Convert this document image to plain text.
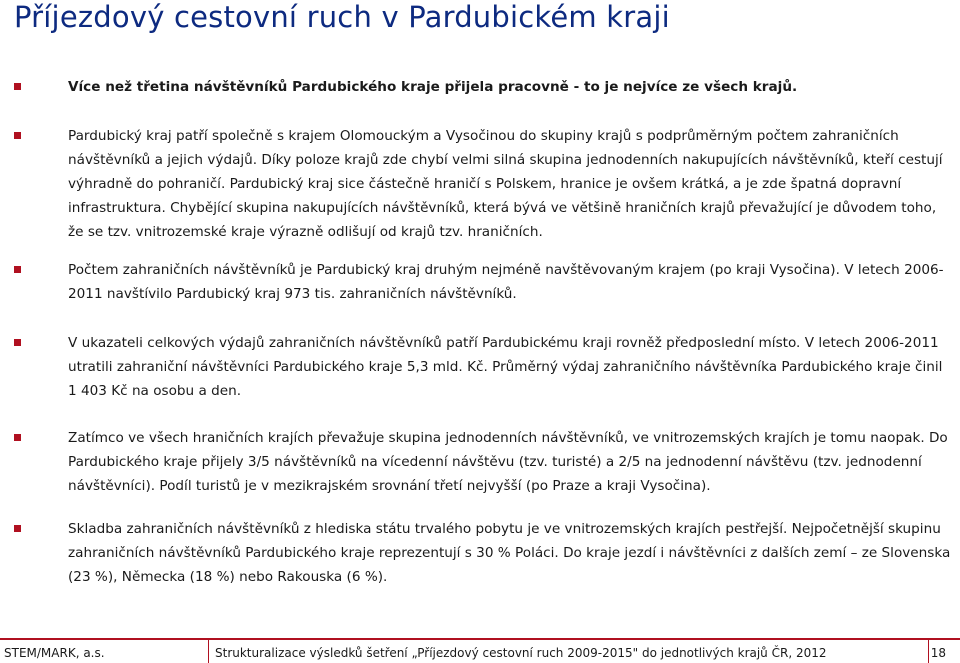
Příjezdový cestovní ruch v Pardubickém kraji
Více než třetina návštěvníků Pardubického kraje přijela pracovně - to je nejvíce ze všech krajů.
Pardubický kraj patří společně s krajem Olomouckým a Vysočinou do skupiny krajů s podprůměrným počtem zahraničních návštěvníků a jejich výdajů. Díky poloze krajů zde chybí velmi silná skupina jednodenních nakupujících návštěvníků, kteří cestují výhradně do pohraničí. Pardubický kraj sice částečně hraničí s Polskem, hranice je ovšem krátká, a je zde špatná dopravní infrastruktura. Chybějící skupina nakupujících návštěvníků, která bývá ve většině hraničních krajů převažující je důvodem toho, že se tzv. vnitrozemské kraje výrazně odlišují od krajů tzv. hraničních.
Počtem zahraničních návštěvníků je Pardubický kraj druhým nejméně navštěvovaným krajem (po kraji Vysočina). V letech 2006-2011 navštívilo Pardubický kraj 973 tis. zahraničních návštěvníků.
V ukazateli celkových výdajů zahraničních návštěvníků patří Pardubickému kraji rovněž předposlední místo. V letech 2006-2011 utratili zahraniční návštěvníci Pardubického kraje 5,3 mld. Kč. Průměrný výdaj zahraničního návštěvníka Pardubického kraje činil 1 403 Kč na osobu a den.
Zatímco ve všech hraničních krajích převažuje skupina jednodenních návštěvníků, ve vnitrozemských krajích je tomu naopak. Do Pardubického kraje přijely 3/5 návštěvníků na vícedenní návštěvu (tzv. turisté) a 2/5 na jednodenní návštěvu (tzv. jednodenní návštěvníci). Podíl turistů je v mezikrajském srovnání třetí nejvyšší (po Praze a kraji Vysočina).
Skladba zahraničních návštěvníků z hlediska státu trvalého pobytu je ve vnitrozemských krajích pestřejší. Nejpočetnější skupinu zahraničních návštěvníků Pardubického kraje reprezentují s 30 % Poláci. Do kraje jezdí i návštěvníci z dalších zemí – ze Slovenska (23 %), Německa (18 %) nebo Rakouska (6 %).
STEM/MARK, a.s.	Strukturalizace výsledků šetření „Příjezdový cestovní ruch 2009-2015" do jednotlivých krajů ČR, 2012	18
